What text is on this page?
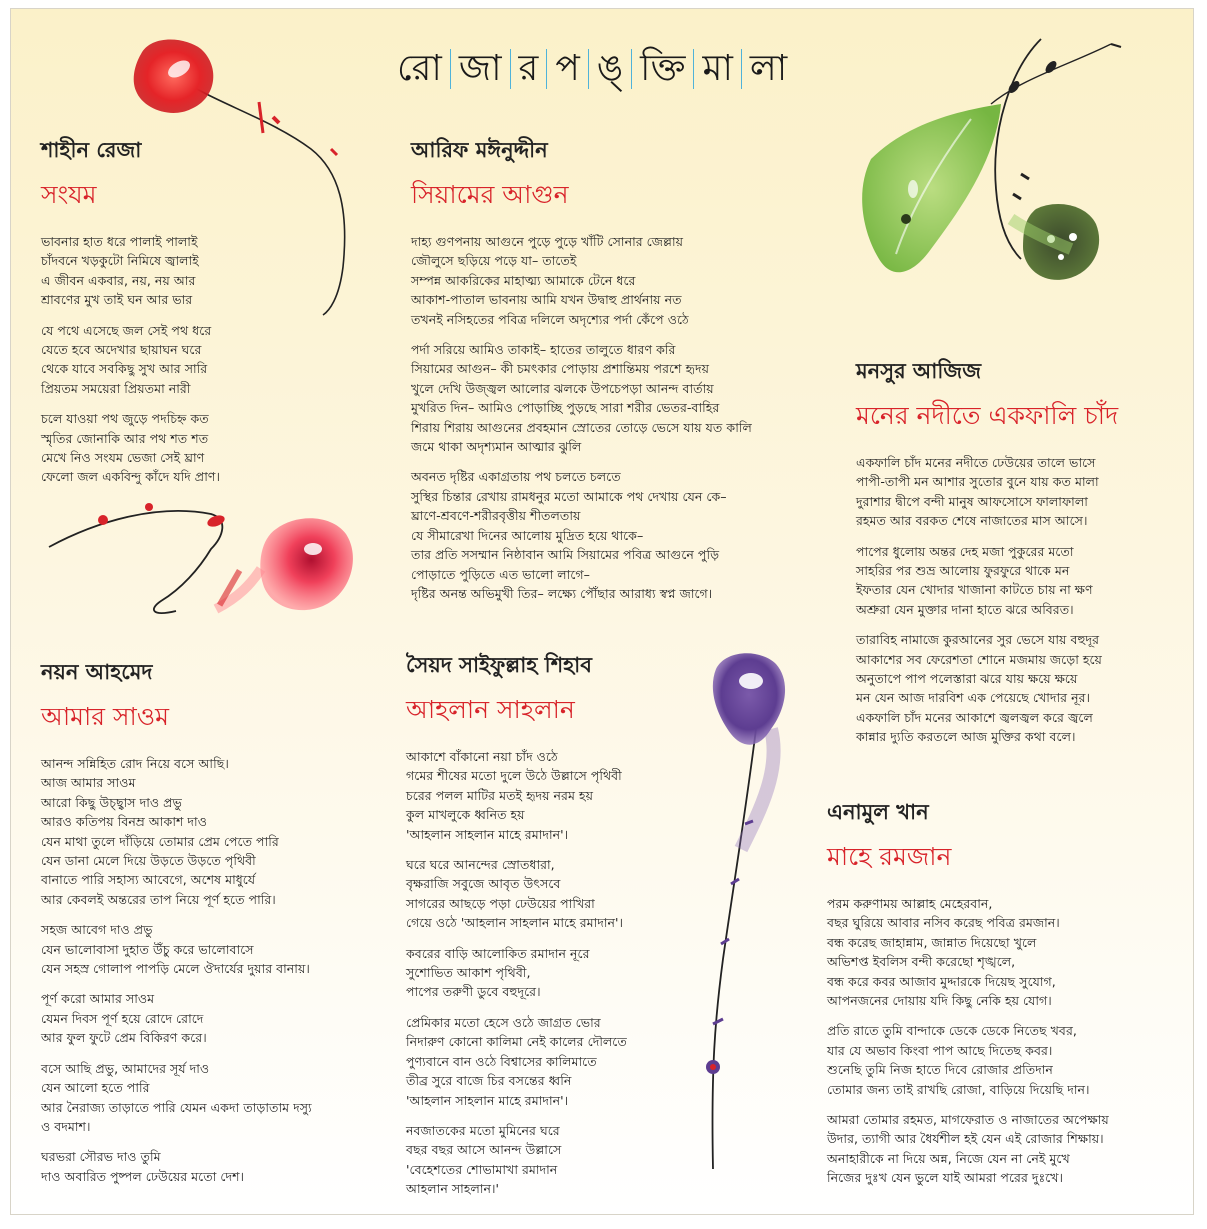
রো জা র প ঙ্ ক্তি মা লা
শাহীন রেজা
সংযম
ভাবনার হাত ধরে পালাই পালাই
চাঁদবনে খড়কুটো নিমিষে জ্বালাই
এ জীবন একবার, নয়, নয় আর
শ্রাবণের মুখ তাই ঘন আর ভার
যে পথে এসেছে জল সেই পথ ধরে
যেতে হবে অদেখার ছায়াঘন ঘরে
থেকে যাবে সবকিছু সুখ আর সারি
প্রিয়তম সময়েরা প্রিয়তমা নারী
চলে যাওয়া পথ জুড়ে পদচিহ্ন কত
স্মৃতির জোনাকি আর পথ শত শত
মেখে নিও সংযম ভেজা সেই ঘ্রাণ
ফেলো জল একবিন্দু কাঁদে যদি প্রাণ।
আরিফ মঈনুদ্দীন
সিয়ামের আগুন
দাহ্য গুণপনায় আগুনে পুড়ে পুড়ে খাঁটি সোনার জেল্লায়
জৌলুসে ছড়িয়ে পড়ে যা– তাতেই
সম্পন্ন আকরিকের মাহাত্ম্য আমাকে টেনে ধরে
আকাশ-পাতাল ভাবনায় আমি যখন উদ্বাহু প্রার্থনায় নত
তখনই নসিহতের পবিত্র দলিলে অদৃশ্যের পর্দা কেঁপে ওঠে
পর্দা সরিয়ে আমিও তাকাই– হাতের তালুতে ধারণ করি
সিয়ামের আগুন– কী চমৎকার পোড়ায় প্রশান্তিময় পরশে হৃদয়
খুলে দেখি উজ্জ্বল আলোর ঝলকে উপচেপড়া আনন্দ বার্তায়
মুখরিত দিন– আমিও পোড়াচ্ছি পুড়ছে সারা শরীর ভেতর-বাহির
শিরায় শিরায় আগুনের প্রবহমান স্রোতের তোড়ে ভেসে যায় যত কালি
জমে থাকা অদৃশ্যমান আত্মার ঝুলি
অবনত দৃষ্টির একাগ্রতায় পথ চলতে চলতে
সুস্থির চিন্তার রেখায় রামধনুর মতো আমাকে পথ দেখায় যেন কে–
ঘ্রাণে-শ্রবণে-শরীরবৃত্তীয় শীতলতায়
যে সীমারেখা দিনের আলোয় মুদ্রিত হয়ে থাকে–
তার প্রতি সসম্মান নিষ্ঠাবান আমি সিয়ামের পবিত্র আগুনে পুড়ি
পোড়াতে পুড়িতে এত ভালো লাগে–
দৃষ্টির অনন্ত অভিমুখী তির– লক্ষ্যে পৌঁছার আরাধ্য স্বপ্ন জাগে।
মনসুর আজিজ
মনের নদীতে একফালি চাঁদ
একফালি চাঁদ মনের নদীতে ঢেউয়ের তালে ভাসে
পাপী-তাপী মন আশার সুতোর বুনে যায় কত মালা
দুরাশার দ্বীপে বন্দী মানুষ আফসোসে ফালাফালা
রহমত আর বরকত শেষে নাজাতের মাস আসে।
পাপের ধুলোয় অন্তর দেহ মজা পুকুরের মতো
সাহরির পর শুভ্র আলোয় ফুরফুরে থাকে মন
ইফতার যেন খোদার খাজানা কাটতে চায় না ক্ষণ
অশ্রুরা যেন মুক্তার দানা হাতে ঝরে অবিরত।
তারাবিহ নামাজে কুরআনের সুর ভেসে যায় বহুদূর
আকাশের সব ফেরেশতা শোনে মজমায় জড়ো হয়ে
অনুতাপে পাপ পলেস্তারা ঝরে যায় ক্ষয়ে ক্ষয়ে
মন যেন আজ দারবিশ এক পেয়েছে খোদার নূর।
একফালি চাঁদ মনের আকাশে জ্বলজ্বল করে জ্বলে
কান্নার দ্যুতি করতলে আজ মুক্তির কথা বলে।
নয়ন আহমেদ
আমার সাওম
আনন্দ সন্নিহিত রোদ নিয়ে বসে আছি।
আজ আমার সাওম
আরো কিছু উচ্ছ্বাস দাও প্রভু
আরও কতিপয় বিনম্র আকাশ দাও
যেন মাথা তুলে দাঁড়িয়ে তোমার প্রেম পেতে পারি
যেন ডানা মেলে দিয়ে উড়তে উড়তে পৃথিবী
বানাতে পারি সহাস্য আবেগে, অশেষ মাধুর্যে
আর কেবলই অন্তরের তাপ নিয়ে পূর্ণ হতে পারি।
সহজ আবেগ দাও প্রভু
যেন ভালোবাসা দুহাত উঁচু করে ভালোবাসে
যেন সহস্র গোলাপ পাপড়ি মেলে ঔদার্যের দুয়ার বানায়।
পূর্ণ করো আমার সাওম
যেমন দিবস পূর্ণ হয়ে রোদে রোদে
আর ফুল ফুটে প্রেম বিকিরণ করে।
বসে আছি প্রভু, আমাদের সূর্য দাও
যেন আলো হতে পারি
আর নৈরাজ্য তাড়াতে পারি যেমন একদা তাড়াতাম দস্যু
ও বদমাশ।
ঘরভরা সৌরভ দাও তুমি
দাও অবারিত পুষ্পল ঢেউয়ের মতো দেশ।
সৈয়দ সাইফুল্লাহ শিহাব
আহলান সাহলান
আকাশে বাঁকানো নয়া চাঁদ ওঠে
গমের শীষের মতো দুলে উঠে উল্লাসে পৃথিবী
চরের পলল মাটির মতই হৃদয় নরম হয়
কুল মাখলুকে ধ্বনিত হয়
'আহলান সাহলান মাহে রমাদান'।
ঘরে ঘরে আনন্দের স্রোতধারা,
বৃক্ষরাজি সবুজে আবৃত উৎসবে
সাগরের আছড়ে পড়া ঢেউয়ের পাখিরা
গেয়ে ওঠে 'আহলান সাহলান মাহে রমাদান'।
কবরের বাড়ি আলোকিত রমাদান নূরে
সুশোভিত আকাশ পৃথিবী,
পাপের তরুণী ডুবে বহুদূরে।
প্রেমিকার মতো হেসে ওঠে জাগ্রত ভোর
নিদারুণ কোনো কালিমা নেই কালের দৌলতে
পুণ্যবানে বান ওঠে বিশ্বাসের কালিমাতে
তীব্র সুরে বাজে চির বসন্তের ধ্বনি
'আহলান সাহলান মাহে রমাদান'।
নবজাতকের মতো মুমিনের ঘরে
বছর বছর আসে আনন্দ উল্লাসে
'বেহেশতের শোভামাখা রমাদান
আহলান সাহলান।'
এনামুল খান
মাহে রমজান
পরম করুণাময় আল্লাহ মেহেরবান,
বছর ঘুরিয়ে আবার নসিব করেছ পবিত্র রমজান।
বন্ধ করেছ জাহান্নাম, জান্নাত দিয়েছো খুলে
অভিশপ্ত ইবলিস বন্দী করেছো শৃঙ্খলে,
বন্ধ করে কবর আজাব মুদ্দারকে দিয়েছ সুযোগ,
আপনজনের দোয়ায় যদি কিছু নেকি হয় যোগ।
প্রতি রাতে তুমি বান্দাকে ডেকে ডেকে নিতেছ খবর,
যার যে অভাব কিংবা পাপ আছে দিতেছ কবর।
শুনেছি তুমি নিজ হাতে দিবে রোজার প্রতিদান
তোমার জন্য তাই রাখছি রোজা, বাড়িয়ে দিয়েছি দান।
আমরা তোমার রহমত, মাগফেরাত ও নাজাতের অপেক্ষায়
উদার, ত্যাগী আর ধৈর্যশীল হই যেন এই রোজার শিক্ষায়।
অনাহারীকে না দিয়ে অন্ন, নিজে যেন না নেই মুখে
নিজের দুঃখ যেন ভুলে যাই আমরা পরের দুঃখে।
